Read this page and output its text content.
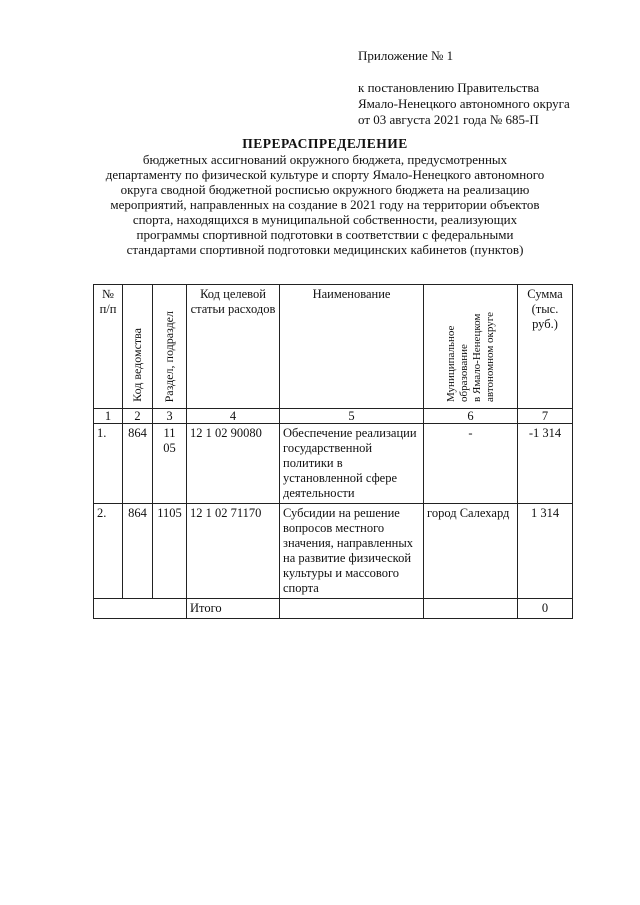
Приложение № 1
к постановлению Правительства
Ямало-Ненецкого автономного округа
от 03 августа 2021 года № 685-П
ПЕРЕРАСПРЕДЕЛЕНИЕ
бюджетных ассигнований окружного бюджета, предусмотренных
департаменту по физической культуре и спорту Ямало-Ненецкого автономного
округа сводной бюджетной росписью окружного бюджета на реализацию
мероприятий, направленных на создание в 2021 году на территории объектов
спорта, находящихся в муниципальной собственности, реализующих
программы спортивной подготовки в соответствии с федеральными
стандартами спортивной подготовки медицинских кабинетов (пунктов)
№ п/п	Код ведомства	Раздел, подраздел	Код целевой статьи расходов	Наименование	Муниципальное
образование
в Ямало-Ненецком
автономном округе	Сумма (тыс. руб.)

1	2	3	4	5	6	7
1.	864	11 05	12 1 02 90080	Обеспечение реализации государственной политики в установленной сфере деятельности	-	-1 314
2.	864	1105	12 1 02 71170	Субсидии на решение вопросов местного значения, направленных на развитие физической культуры и массового спорта	город Салехард	1 314
			Итого			0
